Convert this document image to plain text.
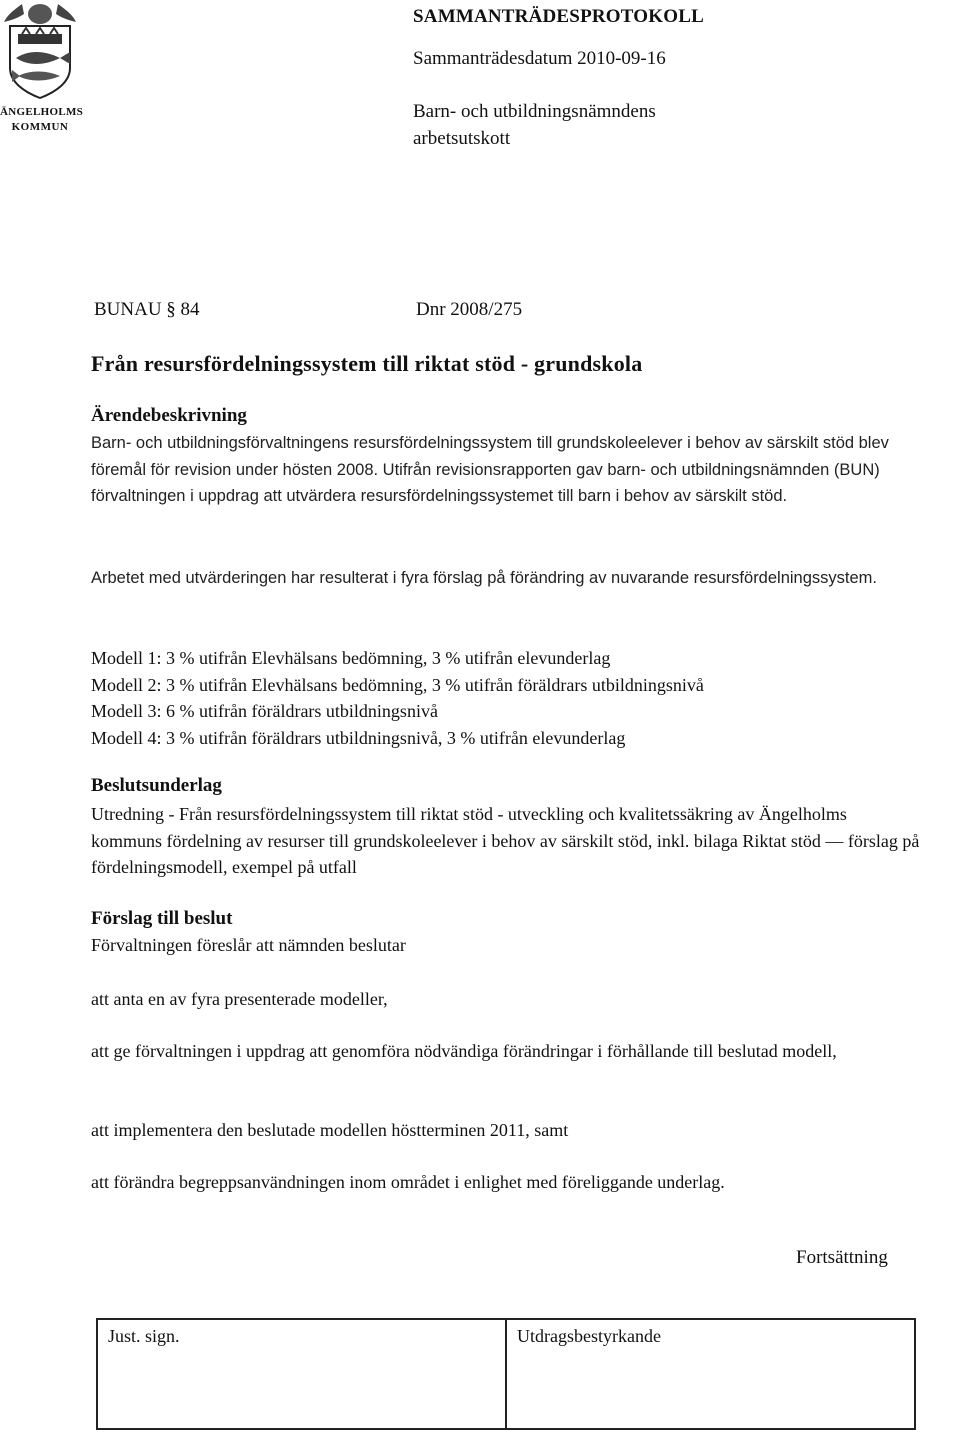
ÄNGELHOLMS
KOMMUN
SAMMANTRÄDESPROTOKOLL
Sammanträdesdatum 2010-09-16
Barn- och utbildningsnämndens
arbetsutskott
BUNAU § 84	Dnr 2008/275
Från resursfördelningssystem till riktat stöd - grundskola
Ärendebeskrivning

Barn- och utbildningsförvaltningens resursfördelningssystem till grundskoleelever i behov av särskilt stöd blev föremål för revision under hösten 2008. Utifrån revisionsrapporten gav barn- och utbildningsnämnden (BUN) förvaltningen i uppdrag att utvärdera resursfördelningssystemet till barn i behov av särskilt stöd.

Arbetet med utvärderingen har resulterat i fyra förslag på förändring av nuvarande resursfördelningssystem.

Modell 1: 3 % utifrån Elevhälsans bedömning, 3 % utifrån elevunderlag
Modell 2: 3 % utifrån Elevhälsans bedömning, 3 % utifrån föräldrars utbildningsnivå
Modell 3: 6 % utifrån föräldrars utbildningsnivå
Modell 4: 3 % utifrån föräldrars utbildningsnivå, 3 % utifrån elevunderlag
Beslutsunderlag

Utredning - Från resursfördelningssystem till riktat stöd - utveckling och kvalitetssäkring av Ängelholms kommuns fördelning av resurser till grundskoleelever i behov av särskilt stöd, inkl. bilaga Riktat stöd — förslag på fördelningsmodell, exempel på utfall

Förslag till beslut
Förvaltningen föreslår att nämnden beslutar
att anta en av fyra presenterade modeller,
att ge förvaltningen i uppdrag att genomföra nödvändiga förändringar i förhållande till beslutad modell,
att implementera den beslutade modellen höstterminen 2011, samt
att förändra begreppsanvändningen inom området i enlighet med föreliggande underlag.
Fortsättning
Just. sign.	Utdragsbestyrkande
